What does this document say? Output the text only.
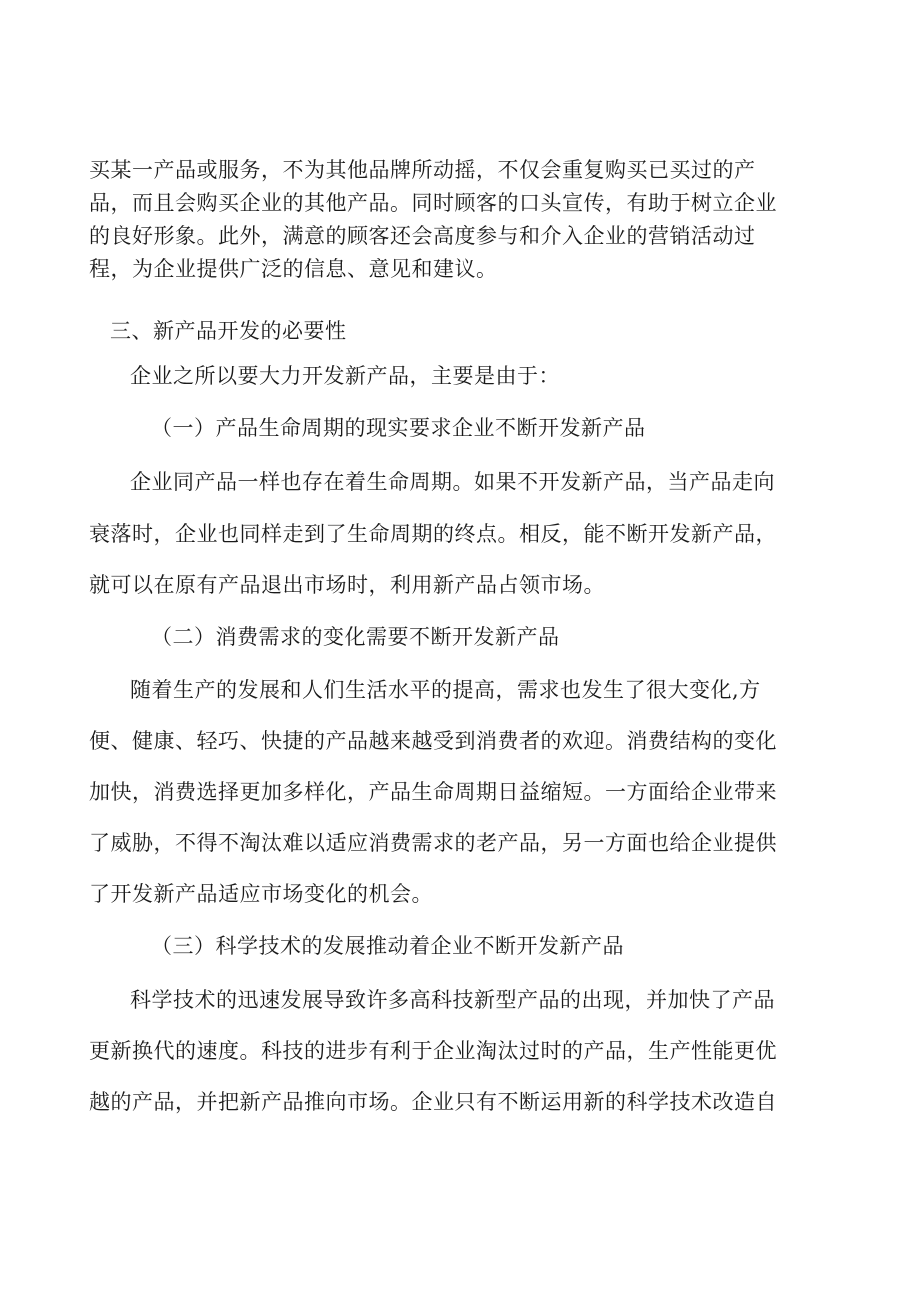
买某一产品或服务，不为其他品牌所动摇，不仅会重复购买已买过的产
品，而且会购买企业的其他产品。同时顾客的口头宣传，有助于树立企业
的良好形象。此外，满意的顾客还会高度参与和介入企业的营销活动过
程，为企业提供广泛的信息、意见和建议。
三、新产品开发的必要性
企业之所以要大力开发新产品，主要是由于：
（一）产品生命周期的现实要求企业不断开发新产品
企业同产品一样也存在着生命周期。如果不开发新产品，当产品走向
衰落时，企业也同样走到了生命周期的终点。相反，能不断开发新产品，
就可以在原有产品退出市场时，利用新产品占领市场。
（二）消费需求的变化需要不断开发新产品
随着生产的发展和人们生活水平的提高，需求也发生了很大变化,方
便、健康、轻巧、快捷的产品越来越受到消费者的欢迎。消费结构的变化
加快，消费选择更加多样化，产品生命周期日益缩短。一方面给企业带来
了威胁，不得不淘汰难以适应消费需求的老产品，另一方面也给企业提供
了开发新产品适应市场变化的机会。
（三）科学技术的发展推动着企业不断开发新产品
科学技术的迅速发展导致许多高科技新型产品的出现，并加快了产品
更新换代的速度。科技的进步有利于企业淘汰过时的产品，生产性能更优
越的产品，并把新产品推向市场。企业只有不断运用新的科学技术改造自
